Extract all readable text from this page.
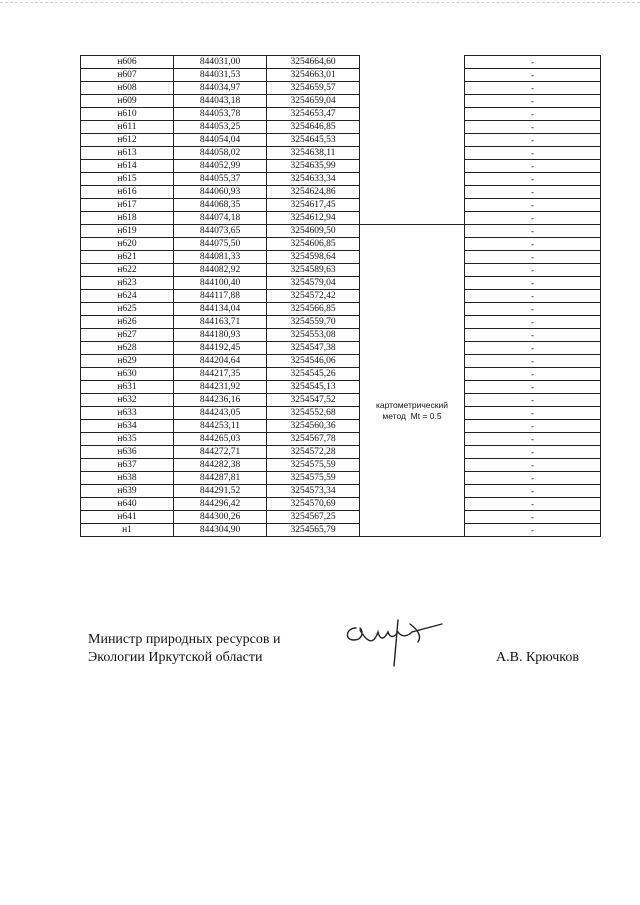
н606	844031,00	3254664,60		-
н607	844031,53	3254663,01		-
н608	844034,97	3254659,57		-
н609	844043,18	3254659,04		-
н610	844053,78	3254653,47		-
н611	844053,25	3254646,85		-
н612	844054,04	3254645,53		-
н613	844058,02	3254638,11		-
н614	844052,99	3254635,99		-
н615	844055,37	3254633,34		-
н616	844060,93	3254624,86		-
н617	844068,35	3254617,45		-
н618	844074,18	3254612,94		-
н619	844073,65	3254609,50	картометрический
метод  Mt = 0.5	-
н620	844075,50	3254606,85		-
н621	844081,33	3254598,64		-
н622	844082,92	3254589,63		-
н623	844100,40	3254579,04		-
н624	844117,88	3254572,42		-
н625	844134,04	3254566,85		-
н626	844163,71	3254559,70		-
н627	844180,93	3254553,08		-
н628	844192,45	3254547,38		-
н629	844204,64	3254546,06		-
н630	844217,35	3254545,26		-
н631	844231,92	3254545,13		-
н632	844236,16	3254547,52		-
н633	844243,05	3254552,68		-
н634	844253,11	3254560,36		-
н635	844265,03	3254567,78		-
н636	844272,71	3254572,28		-
н637	844282,38	3254575,59		-
н638	844287,81	3254575,59		-
н639	844291,52	3254573,34		-
н640	844296,42	3254570,69		-
н641	844300,26	3254567,25		-
н1	844304,90	3254565,79		-
Министр природных ресурсов и
Экологии Иркутской области	А.В. Крючков
